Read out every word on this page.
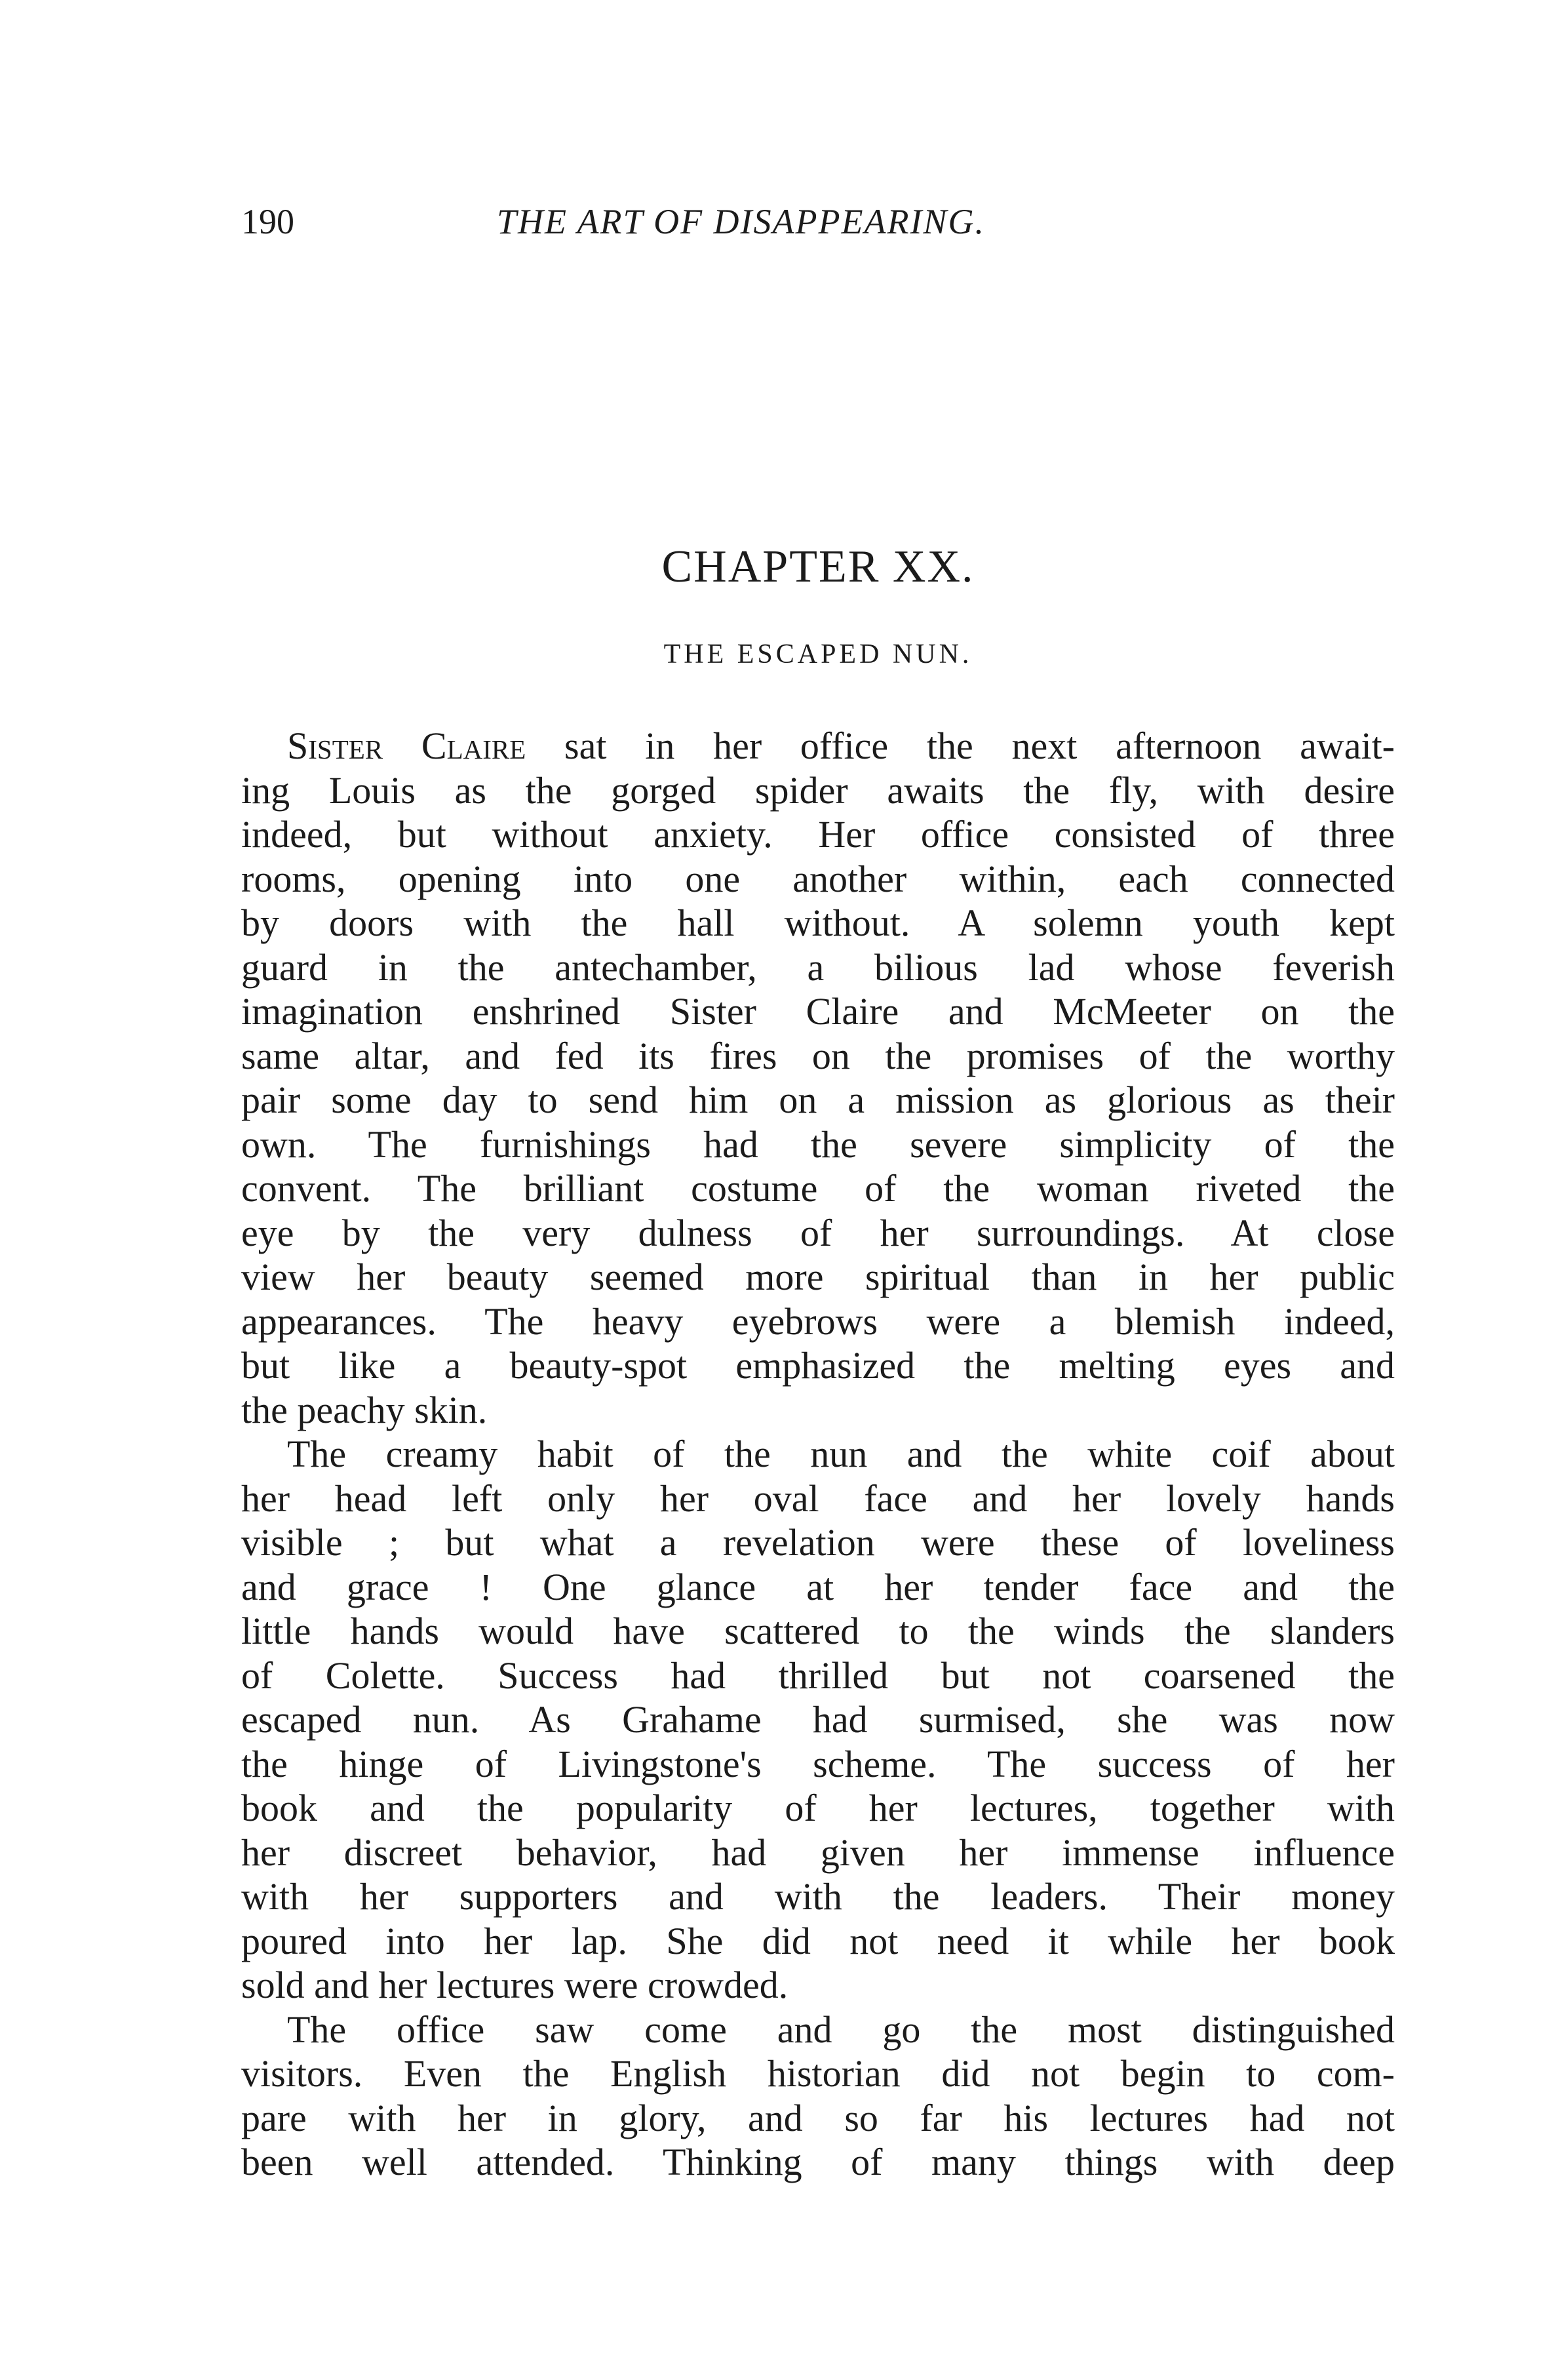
190	THE ART OF DISAPPEARING.
CHAPTER XX.
THE ESCAPED NUN.
Sister Claire sat in her office the next afternoon await-
ing Louis as the gorged spider awaits the fly, with desire
indeed, but without anxiety. Her office consisted of three
rooms, opening into one another within, each connected
by doors with the hall without. A solemn youth kept
guard in the antechamber, a bilious lad whose feverish
imagination enshrined Sister Claire and McMeeter on the
same altar, and fed its fires on the promises of the worthy
pair some day to send him on a mission as glorious as their
own. The furnishings had the severe simplicity of the
convent. The brilliant costume of the woman riveted the
eye by the very dulness of her surroundings. At close
view her beauty seemed more spiritual than in her public
appearances. The heavy eyebrows were a blemish indeed,
but like a beauty-spot emphasized the melting eyes and
the peachy skin.
The creamy habit of the nun and the white coif about
her head left only her oval face and her lovely hands
visible ; but what a revelation were these of loveliness
and grace ! One glance at her tender face and the
little hands would have scattered to the winds the slanders
of Colette. Success had thrilled but not coarsened the
escaped nun. As Grahame had surmised, she was now
the hinge of Livingstone's scheme. The success of her
book and the popularity of her lectures, together with
her discreet behavior, had given her immense influence
with her supporters and with the leaders. Their money
poured into her lap. She did not need it while her book
sold and her lectures were crowded.
The office saw come and go the most distinguished
visitors. Even the English historian did not begin to com-
pare with her in glory, and so far his lectures had not
been well attended. Thinking of many things with deep
